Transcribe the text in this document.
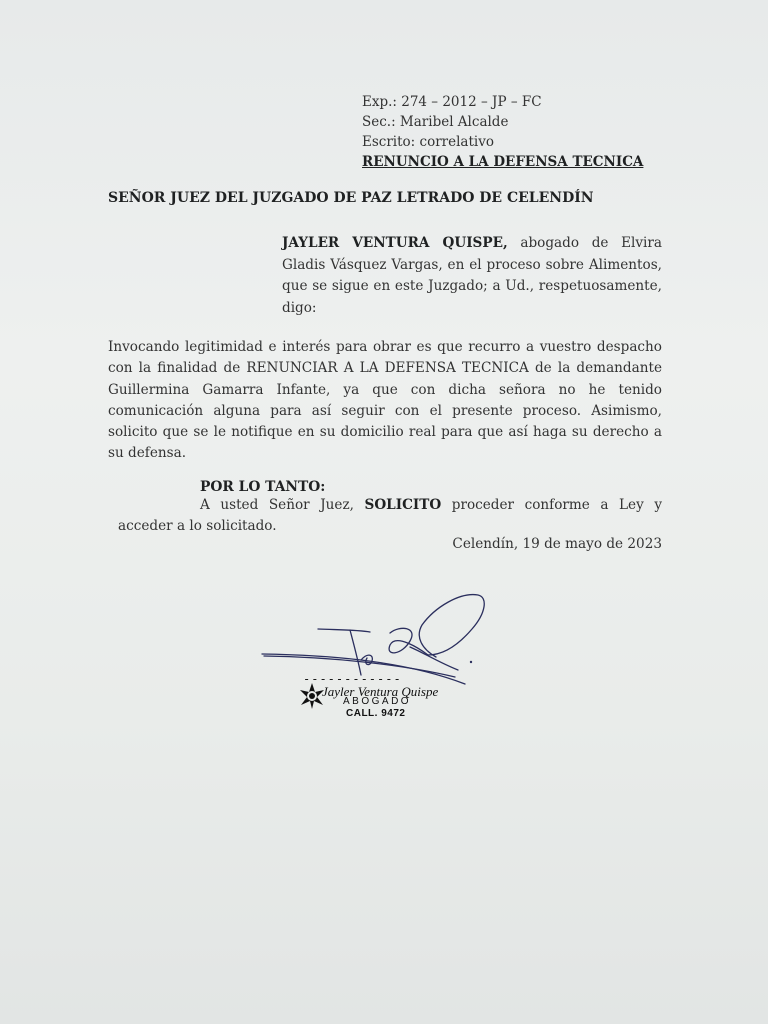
Exp.: 274 – 2012 – JP – FC
Sec.: Maribel Alcalde
Escrito: correlativo
RENUNCIO A LA DEFENSA TECNICA
SEÑOR JUEZ DEL JUZGADO DE PAZ LETRADO DE CELENDÍN
JAYLER VENTURA QUISPE, abogado de Elvira Gladis Vásquez Vargas, en el proceso sobre Alimentos, que se sigue en este Juzgado; a Ud., respetuosamente, digo:
Invocando legitimidad e interés para obrar es que recurro a vuestro despacho con la finalidad de RENUNCIAR A LA DEFENSA TECNICA de la demandante Guillermina Gamarra Infante, ya que con dicha señora no he tenido comunicación alguna para así seguir con el presente proceso. Asimismo, solicito que se le notifique en su domicilio real para que así haga su derecho a su defensa.
POR LO TANTO:
A usted Señor Juez, SOLICITO proceder conforme a Ley y acceder a lo solicitado.
Celendín, 19 de mayo de 2023
------------
Jayler Ventura Quispe
ABOGADO
CALL. 9472
